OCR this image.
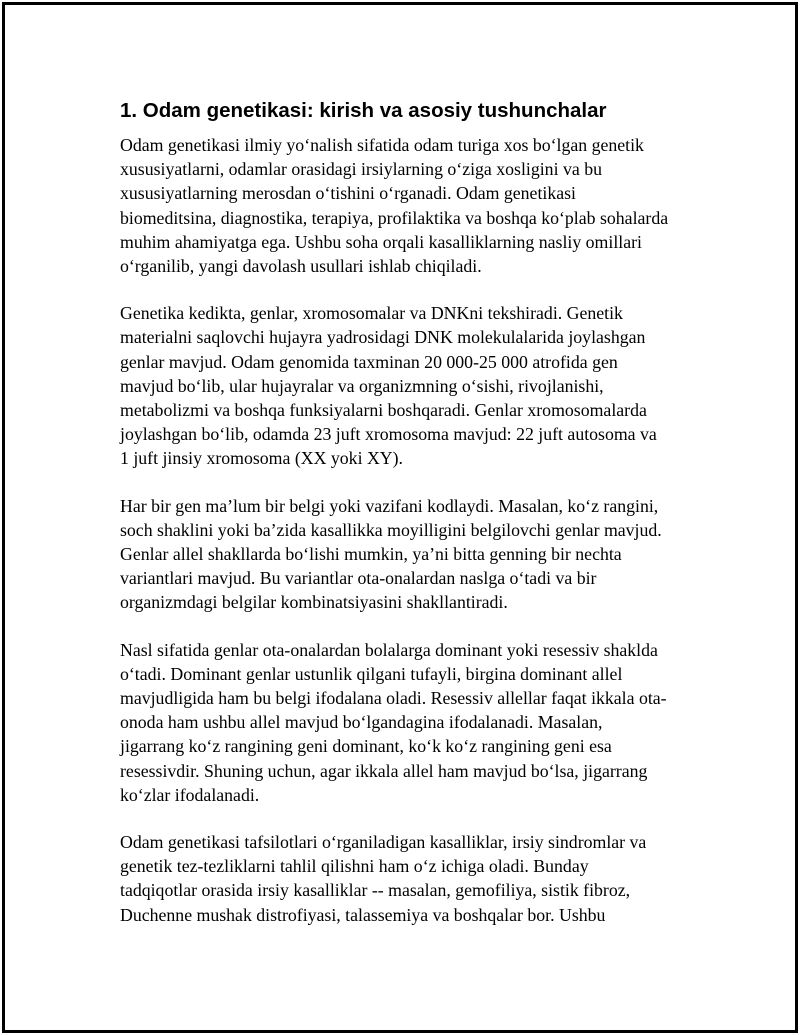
1. Odam genetikasi: kirish va asosiy tushunchalar

Odam genetikasi ilmiy yo‘nalish sifatida odam turiga xos bo‘lgan genetik
xususiyatlarni, odamlar orasidagi irsiylarning o‘ziga xosligini va bu
xususiyatlarning merosdan o‘tishini o‘rganadi. Odam genetikasi
biomeditsina, diagnostika, terapiya, profilaktika va boshqa ko‘plab sohalarda
muhim ahamiyatga ega. Ushbu soha orqali kasalliklarning nasliy omillari
o‘rganilib, yangi davolash usullari ishlab chiqiladi.

Genetika kedikta, genlar, xromosomalar va DNKni tekshiradi. Genetik
materialni saqlovchi hujayra yadrosidagi DNK molekulalarida joylashgan
genlar mavjud. Odam genomida taxminan 20 000-25 000 atrofida gen
mavjud bo‘lib, ular hujayralar va organizmning o‘sishi, rivojlanishi,
metabolizmi va boshqa funksiyalarni boshqaradi. Genlar xromosomalarda
joylashgan bo‘lib, odamda 23 juft xromosoma mavjud: 22 juft autosoma va
1 juft jinsiy xromosoma (XX yoki XY).

Har bir gen ma’lum bir belgi yoki vazifani kodlaydi. Masalan, ko‘z rangini,
soch shaklini yoki ba’zida kasallikka moyilligini belgilovchi genlar mavjud.
Genlar allel shakllarda bo‘lishi mumkin, ya’ni bitta genning bir nechta
variantlari mavjud. Bu variantlar ota-onalardan naslga o‘tadi va bir
organizmdagi belgilar kombinatsiyasini shakllantiradi.

Nasl sifatida genlar ota-onalardan bolalarga dominant yoki resessiv shaklda
o‘tadi. Dominant genlar ustunlik qilgani tufayli, birgina dominant allel
mavjudligida ham bu belgi ifodalana oladi. Resessiv allellar faqat ikkala ota-
onoda ham ushbu allel mavjud bo‘lgandagina ifodalanadi. Masalan,
jigarrang ko‘z rangining geni dominant, ko‘k ko‘z rangining geni esa
resessivdir. Shuning uchun, agar ikkala allel ham mavjud bo‘lsa, jigarrang
ko‘zlar ifodalanadi.

Odam genetikasi tafsilotlari o‘rganiladigan kasalliklar, irsiy sindromlar va
genetik tez-tezliklarni tahlil qilishni ham o‘z ichiga oladi. Bunday
tadqiqotlar orasida irsiy kasalliklar -- masalan, gemofiliya, sistik fibroz,
Duchenne mushak distrofiyasi, talassemiya va boshqalar bor. Ushbu
